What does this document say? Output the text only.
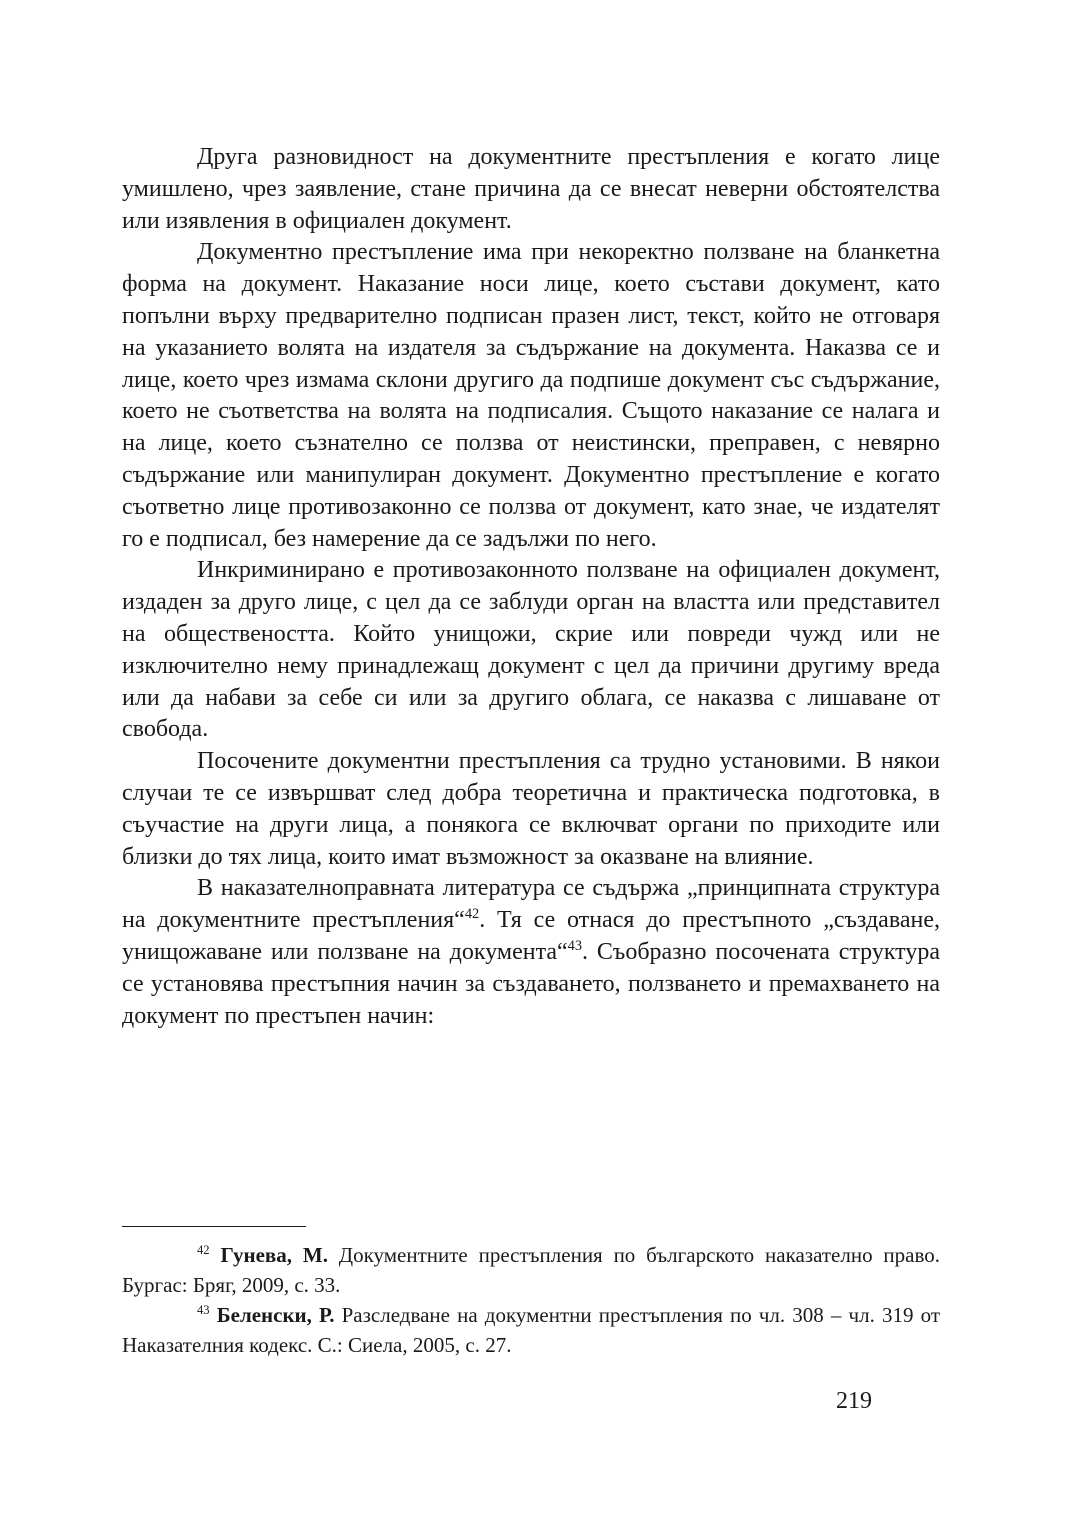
Друга разновидност на документните престъпления е когато лице умишлено, чрез заявление, стане причина да се внесат неверни обстоятелства или изявления в официален документ.

Документно престъпление има при некоректно ползване на бланкетна форма на документ. Наказание носи лице, което състави документ, като попълни върху предварително подписан празен лист, текст, който не отговаря на указанието волята на издателя за съдържание на документа. Наказва се и лице, което чрез измама склони другиго да подпише документ със съдържание, което не съответства на волята на подписалия. Същото наказание се налага и на лице, което съзнателно се ползва от неистински, преправен, с невярно съдържание или манипулиран документ. Документно престъпление е когато съответно лице противозаконно се ползва от документ, като знае, че издателят го е подписал, без намерение да се задължи по него.

Инкриминирано е противозаконното ползване на официален документ, издаден за друго лице, с цел да се заблуди орган на властта или представител на обществеността. Който унищожи, скрие или повреди чужд или не изключително нему принадлежащ документ с цел да причини другиму вреда или да набави за себе си или за другиго облага, се наказва с лишаване от свобода.

Посочените документни престъпления са трудно установими. В някои случаи те се извършват след добра теоретична и практическа подготовка, в съучастие на други лица, а понякога се включват органи по приходите или близки до тях лица, които имат възможност за оказване на влияние.

В наказателноправната литература се съдържа „принципната структура на документните престъпления“$^{42}$. Тя се отнася до престъпното „създаване, унищожаване или ползване на документа“$^{43}$. Съобразно посочената структура се установява престъпния начин за създаването, ползването и премахването на документ по престъпен начин:

$^{42}$ Гунева, М. Документните престъпления по българското наказателно право. Бургас: Бряг, 2009, с. 33.

$^{43}$ Беленски, Р. Разследване на документни престъпления по чл. 308 – чл. 319 от Наказателния кодекс. С.: Сиела, 2005, с. 27.

219
